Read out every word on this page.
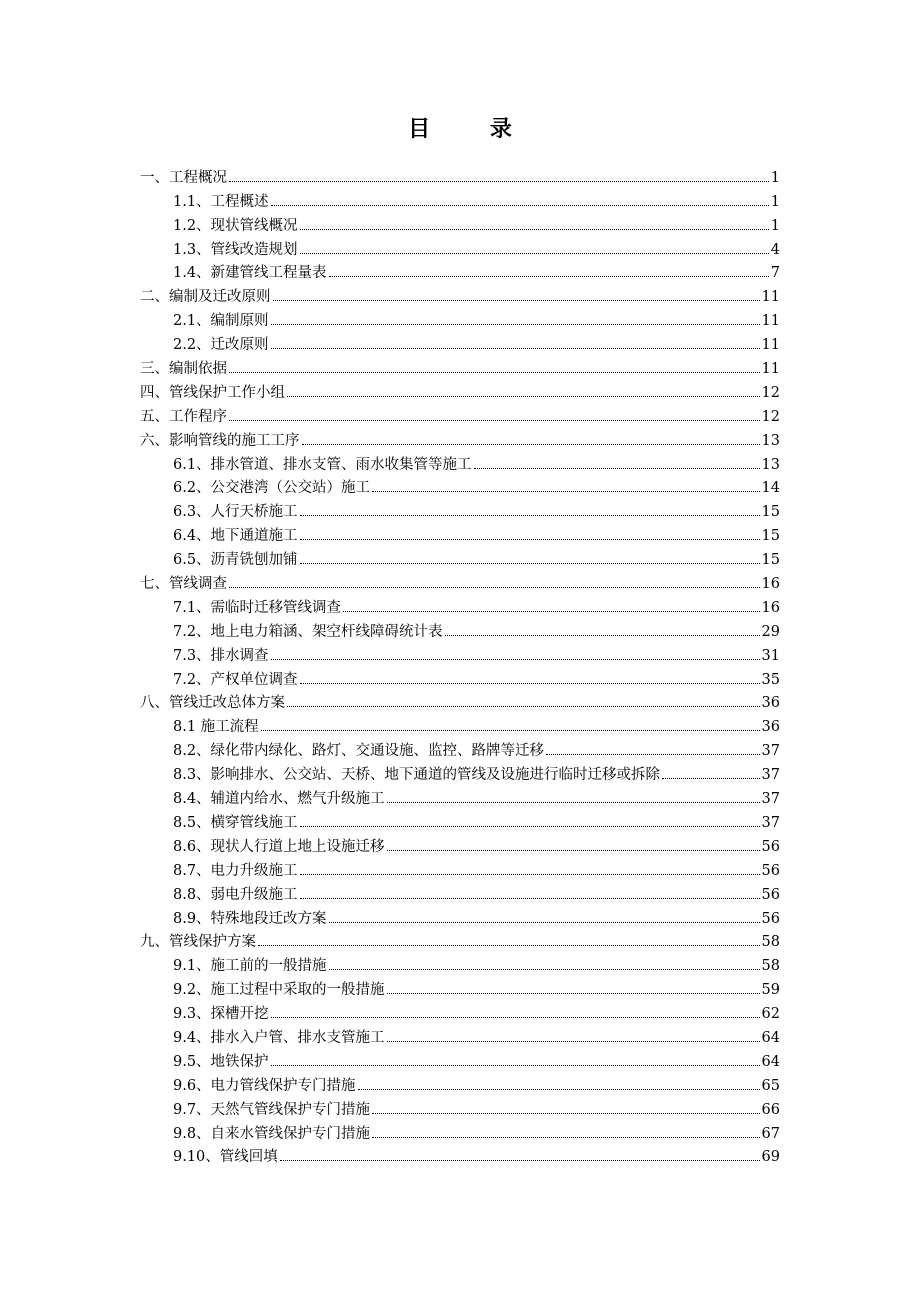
目 录
一、工程概况	1
1.1、工程概述	1
1.2、现状管线概况	1
1.3、管线改造规划	4
1.4、新建管线工程量表	7
二、编制及迁改原则	11
2.1、编制原则	11
2.2、迁改原则	11
三、编制依据	11
四、管线保护工作小组	12
五、工作程序	12
六、影响管线的施工工序	13
6.1、排水管道、排水支管、雨水收集管等施工	13
6.2、公交港湾（公交站）施工	14
6.3、人行天桥施工	15
6.4、地下通道施工	15
6.5、沥青铣刨加铺	15
七、管线调查	16
7.1、需临时迁移管线调查	16
7.2、地上电力箱涵、架空杆线障碍统计表	29
7.3、排水调查	31
7.2、产权单位调查	35
八、管线迁改总体方案	36
8.1 施工流程	36
8.2、绿化带内绿化、路灯、交通设施、监控、路牌等迁移	37
8.3、影响排水、公交站、天桥、地下通道的管线及设施进行临时迁移或拆除	37
8.4、辅道内给水、燃气升级施工	37
8.5、横穿管线施工	37
8.6、现状人行道上地上设施迁移	56
8.7、电力升级施工	56
8.8、弱电升级施工	56
8.9、特殊地段迁改方案	56
九、管线保护方案	58
9.1、施工前的一般措施	58
9.2、施工过程中采取的一般措施	59
9.3、探槽开挖	62
9.4、排水入户管、排水支管施工	64
9.5、地铁保护	64
9.6、电力管线保护专门措施	65
9.7、天然气管线保护专门措施	66
9.8、自来水管线保护专门措施	67
9.10、管线回填	69
